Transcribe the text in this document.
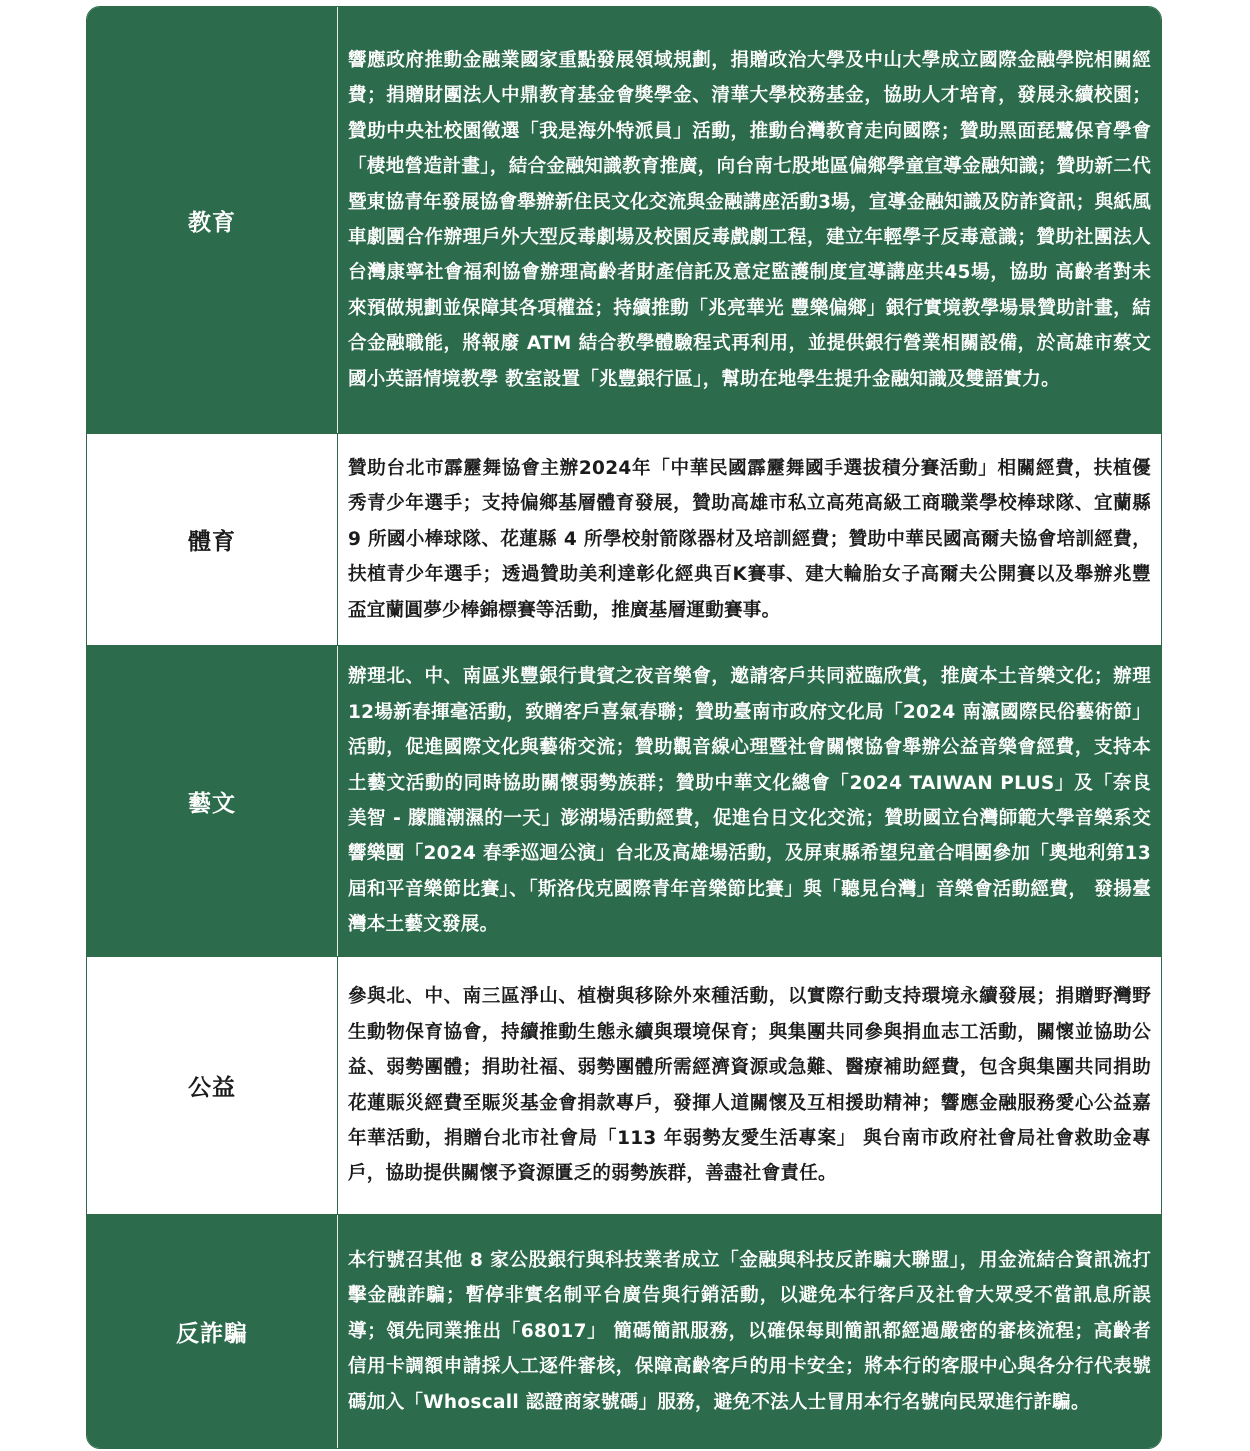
教育
響應政府推動金融業國家重點發展領域規劃，捐贈政治大學及中山大學成立國際金融學院相關經費；捐贈財團法人中鼎教育基金會獎學金、清華大學校務基金，協助人才培育，發展永續校園；贊助中央社校園徵選「我是海外特派員」活動，推動台灣教育走向國際；贊助黑面琵鷺保育學會「棲地營造計畫」，結合金融知識教育推廣，向台南七股地區偏鄉學童宣導金融知識；贊助新二代暨東協青年發展協會舉辦新住民文化交流與金融講座活動3場，宣導金融知識及防詐資訊；與紙風車劇團合作辦理戶外大型反毒劇場及校園反毒戲劇工程，建立年輕學子反毒意識；贊助社團法人台灣康寧社會福利協會辦理高齡者財產信託及意定監護制度宣導講座共45場，協助 高齡者對未來預做規劃並保障其各項權益；持續推動「兆亮華光 豐樂偏鄉」銀行實境教學場景贊助計畫，結合金融職能，將報廢 ATM 結合教學體驗程式再利用，並提供銀行營業相關設備，於高雄市蔡文國小英語情境教學 教室設置「兆豐銀行區」，幫助在地學生提升金融知識及雙語實力。
體育
贊助台北市霹靂舞協會主辦2024年「中華民國霹靂舞國手選拔積分賽活動」相關經費，扶植優秀青少年選手；支持偏鄉基層體育發展，贊助高雄市私立高苑高級工商職業學校棒球隊、宜蘭縣 9 所國小棒球隊、花蓮縣 4 所學校射箭隊器材及培訓經費；贊助中華民國高爾夫協會培訓經費，扶植青少年選手；透過贊助美利達彰化經典百K賽事、建大輪胎女子高爾夫公開賽以及舉辦兆豐盃宜蘭圓夢少棒錦標賽等活動，推廣基層運動賽事。
藝文
辦理北、中、南區兆豐銀行貴賓之夜音樂會，邀請客戶共同蒞臨欣賞，推廣本土音樂文化；辦理12場新春揮毫活動，致贈客戶喜氣春聯；贊助臺南市政府文化局「2024 南瀛國際民俗藝術節」活動，促進國際文化與藝術交流；贊助觀音線心理暨社會關懷協會舉辦公益音樂會經費，支持本土藝文活動的同時協助關懷弱勢族群；贊助中華文化總會「2024 TAIWAN PLUS」及「奈良美智 - 朦朧潮濕的一天」澎湖場活動經費，促進台日文化交流；贊助國立台灣師範大學音樂系交響樂團「2024 春季巡迴公演」台北及高雄場活動，及屏東縣希望兒童合唱團參加「奧地利第13屆和平音樂節比賽」、「斯洛伐克國際青年音樂節比賽」與「聽見台灣」音樂會活動經費， 發揚臺灣本土藝文發展。
公益
參與北、中、南三區淨山、植樹與移除外來種活動，以實際行動支持環境永續發展；捐贈野灣野生動物保育協會，持續推動生態永續與環境保育；與集團共同參與捐血志工活動，關懷並協助公益、弱勢團體；捐助社福、弱勢團體所需經濟資源或急難、醫療補助經費，包含與集團共同捐助花蓮賑災經費至賑災基金會捐款專戶，發揮人道關懷及互相援助精神；響應金融服務愛心公益嘉年華活動，捐贈台北市社會局「113 年弱勢友愛生活專案」 與台南市政府社會局社會救助金專戶，協助提供關懷予資源匱乏的弱勢族群，善盡社會責任。
反詐騙
本行號召其他 8 家公股銀行與科技業者成立「金融與科技反詐騙大聯盟」，用金流結合資訊流打擊金融詐騙；暫停非實名制平台廣告與行銷活動，以避免本行客戶及社會大眾受不當訊息所誤導；領先同業推出「68017」 簡碼簡訊服務，以確保每則簡訊都經過嚴密的審核流程；高齡者信用卡調額申請採人工逐件審核，保障高齡客戶的用卡安全；將本行的客服中心與各分行代表號碼加入「Whoscall 認證商家號碼」服務，避免不法人士冒用本行名號向民眾進行詐騙。
